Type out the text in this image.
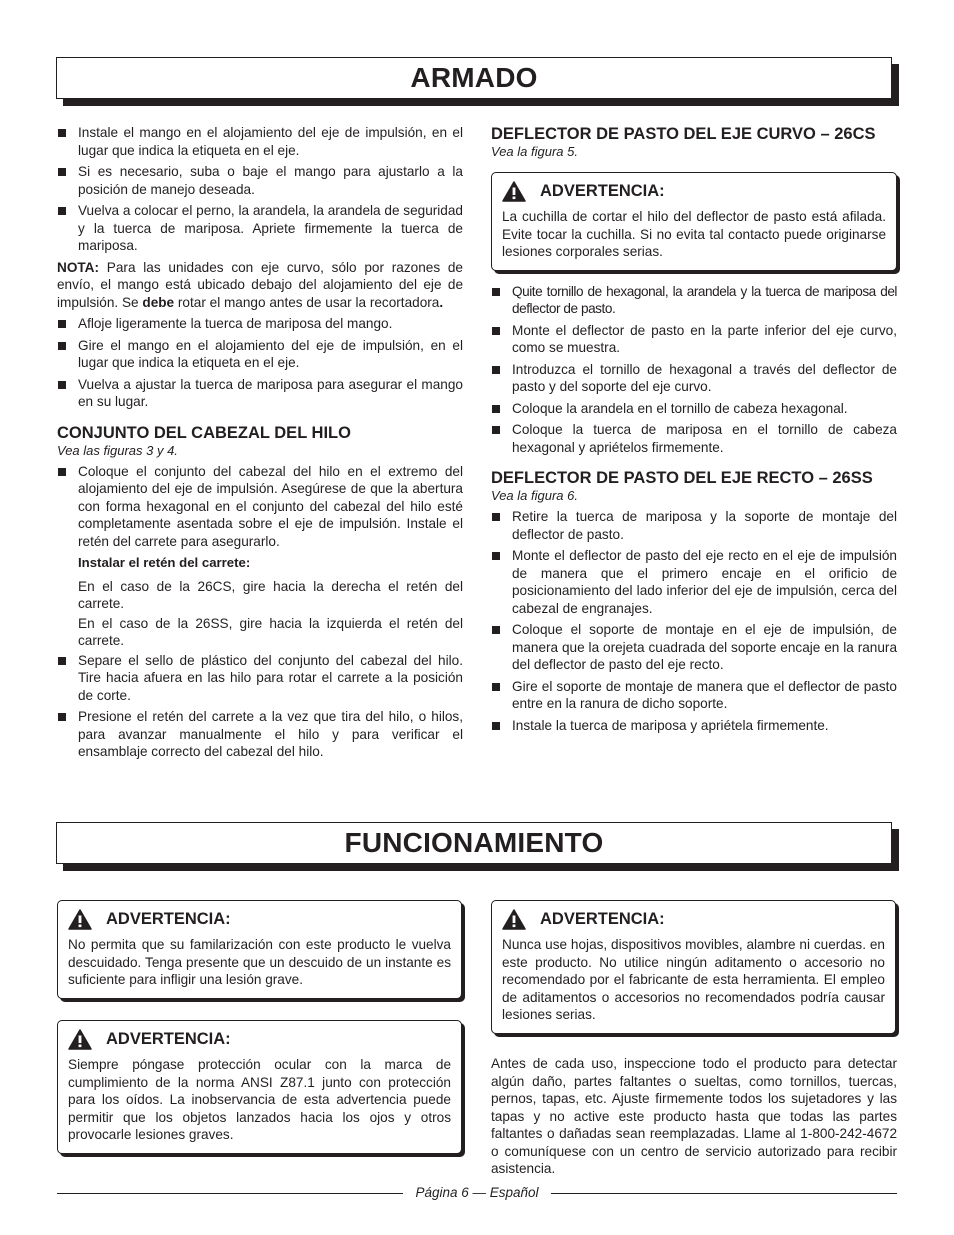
ARMADO
Instale el mango en el alojamiento del eje de impulsión, en el lugar que indica la etiqueta en el eje.
Si es necesario, suba o baje el mango para ajustarlo a la posición de manejo deseada.
Vuelva a colocar el perno, la arandela, la arandela de seguridad y la tuerca de mariposa. Apriete firmemente la tuerca de mariposa.

NOTA: Para las unidades con eje curvo, sólo por razones de envío, el mango está ubicado debajo del alojamiento del eje de impulsión. Se debe rotar el mango antes de usar la recortadora.

Afloje ligeramente la tuerca de mariposa del mango.
Gire el mango en el alojamiento del eje de impulsión, en el lugar que indica la etiqueta en el eje.
Vuelva a ajustar la tuerca de mariposa para asegurar el mango en su lugar.
CONJUNTO DEL CABEZAL DEL HILO
Vea las figuras 3 y 4.
Coloque el conjunto del cabezal del hilo en el extremo del alojamiento del eje de impulsión. Asegúrese de que la abertura con forma hexagonal en el conjunto del cabezal del hilo esté completamente asentada sobre el eje de impulsión. Instale el retén del carrete para asegurarlo.
Instalar el retén del carrete:

En el caso de la 26CS, gire hacia la derecha el retén del carrete.

En el caso de la 26SS, gire hacia la izquierda el retén del carrete.

Separe el sello de plástico del conjunto del cabezal del hilo. Tire hacia afuera en las hilo para rotar el carrete a la posición de corte.
Presione el retén del carrete a la vez que tira del hilo, o hilos, para avanzar manualmente el hilo y para verificar el ensamblaje correcto del cabezal del hilo.
DEFLECTOR DE PASTO DEL EJE CURVO – 26CS
Vea la figura 5.
ADVERTENCIA:
La cuchilla de cortar el hilo del deflector de pasto está afilada. Evite tocar la cuchilla. Si no evita tal contacto puede originarse lesiones corporales serias.
Quite tornillo de hexagonal, la arandela y la tuerca de mariposa del deflector de pasto.
Monte el deflector de pasto en la parte inferior del eje curvo, como se muestra.
Introduzca el tornillo de hexagonal a través del deflector de pasto y del soporte del eje curvo.
Coloque la arandela en el tornillo de cabeza hexagonal.
Coloque la tuerca de mariposa en el tornillo de cabeza hexagonal y apriételos firmemente.
DEFLECTOR DE PASTO DEL EJE RECTO – 26SS
Vea la figura 6.
Retire la tuerca de mariposa y la soporte de montaje del deflector de pasto.
Monte el deflector de pasto del eje recto en el eje de impulsión de manera que el primero encaje en el orificio de posicionamiento del lado inferior del eje de impulsión, cerca del cabezal de engranajes.
Coloque el soporte de montaje en el eje de impulsión, de manera que la orejeta cuadrada del soporte encaje en la ranura del deflector de pasto del eje recto.
Gire el soporte de montaje de manera que el deflector de pasto entre en la ranura de dicho soporte.
Instale la tuerca de mariposa y apriétela firmemente.
FUNCIONAMIENTO
ADVERTENCIA:
No permita que su familarización con este producto le vuelva descuidado. Tenga presente que un descuido de un instante es suficiente para infligir una lesión grave.
ADVERTENCIA:
Siempre póngase protección ocular con la marca de cumplimiento de la norma ANSI Z87.1 junto con protección para los oídos. La inobservancia de esta advertencia puede permitir que los objetos lanzados hacia los ojos y otros provocarle lesiones graves.
ADVERTENCIA:
Nunca use hojas, dispositivos movibles, alambre ni cuerdas. en este producto. No utilice ningún aditamento o accesorio no recomendado por el fabricante de esta herramienta. El empleo de aditamentos o accesorios no recomendados podría causar lesiones serias.

Antes de cada uso, inspeccione todo el producto para detectar algún daño, partes faltantes o sueltas, como tornillos, tuercas, pernos, tapas, etc. Ajuste firmemente todos los sujetadores y las tapas y no active este producto hasta que todas las partes faltantes o dañadas sean reemplazadas. Llame al 1-800-242-4672 o comuníquese con un centro de servicio autorizado para recibir asistencia.

Página 6 — Español
